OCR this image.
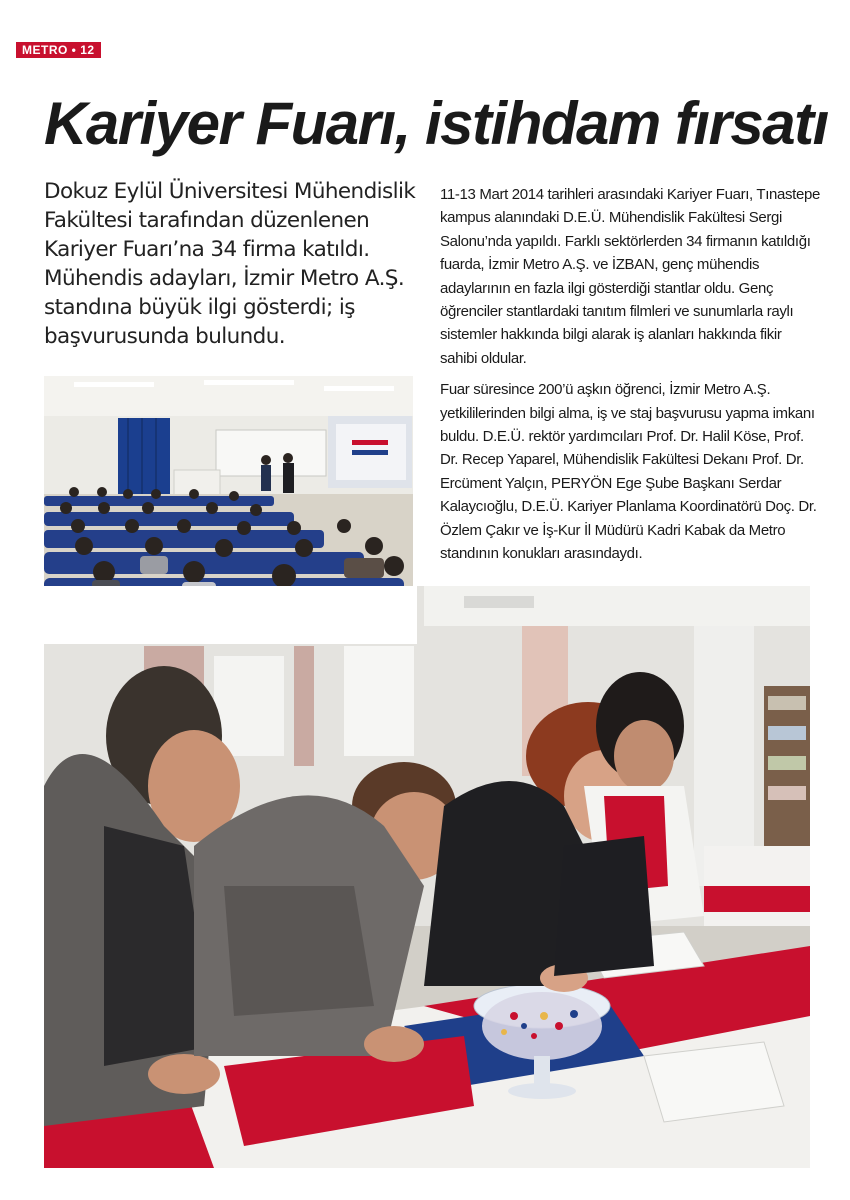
METRO • 12
Kariyer Fuarı, istihdam fırsatı

Dokuz Eylül Üniversitesi Mühendislik Fakültesi tarafından düzenlenen Kariyer Fuarı’na 34 firma katıldı. Mühendis adayları, İzmir Metro A.Ş. standına büyük ilgi gösterdi; iş başvurusunda bulundu.

11-13 Mart 2014 tarihleri arasındaki Kariyer Fuarı, Tınastepe kampus alanındaki D.E.Ü. Mühendislik Fakültesi Sergi Salonu’nda yapıldı. Farklı sektörlerden 34 firmanın katıldığı fuarda, İzmir Metro A.Ş. ve İZBAN, genç mühendis adaylarının en fazla ilgi gösterdiği stantlar oldu. Genç öğrenciler stantlardaki tanıtım filmleri ve sunumlarla raylı sistemler hakkında bilgi alarak iş alanları hakkında fikir sahibi oldular.

Fuar süresince 200’ü aşkın öğrenci, İzmir Metro A.Ş. yetkililerinden bilgi alma, iş ve staj başvurusu yapma imkanı buldu. D.E.Ü. rektör yardımcıları Prof. Dr. Halil Köse, Prof. Dr. Recep Yaparel, Mühendislik Fakültesi Dekanı Prof. Dr. Ercüment Yalçın, PERYÖN Ege Şube Başkanı Serdar Kalaycıoğlu, D.E.Ü. Kariyer Planlama Koordinatörü Doç. Dr. Özlem Çakır ve İş-Kur İl Müdürü Kadri Kabak da Metro standının konukları arasındaydı.
